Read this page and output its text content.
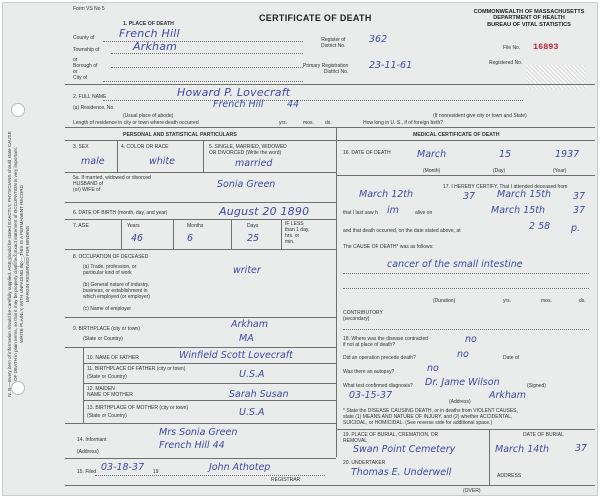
N. B.—Every item of information should be carefully supplied. AGE should be stated EXACTLY. PHYSICIANS should state CAUSE OF DEATH in plain terms, so that it may be properly classified. Exact statement of OCCUPATION is very important. WRITE PLAINLY, WITH UNFADING INK—THIS IS A PERMANENT RECORD MARGIN RESERVED FOR BINDING
Form VS No 5
CERTIFICATE OF DEATH
COMMONWEALTH OF MASSACHUSETTS
DEPARTMENT OF HEALTH
BUREAU OF VITAL STATISTICS
File No. 16893
Registered No.
1. PLACE OF DEATH
County of French Hill
Township of	Arkham
or
Borough of
or
City of
Register of
District No.
362
Primary Registration
District No.
23-11-61
2. FULL NAME	Howard P. Lovecraft
(a) Residence, No.	French Hill 44
(Usual place of abode)	(If nonresident give city or town and State)
Length of residence in city or town where death occurred	yrs.	mos. ds.	How long in U. S., if of foreign birth?
PERSONAL AND STATISTICAL PARTICULARS	MEDICAL CERTIFICATE OF DEATH
3. SEX
male
4. COLOR OR RACE
white
5. SINGLE, MARRIED, WIDOWED
OR DIVORCED (Write the word)
married
5a. If married, widowed or divorced
HUSBAND of
(or) WIFE of	Sonia Green
6. DATE OF BIRTH (month, day, and year)	August 20 1890
7. AGE	Years	Months	Days	IF LESS
than 1 day,
hrs. or
min.
46	6	25
8. OCCUPATION OF DECEASED
(a) Trade, profession, or
particular kind of work	writer
(b) General nature of industry,
business, or establishment in
which employed (or employer)
(c) Name of employer
9. BIRTHPLACE (city or town)	Arkham
(State or Country)	MA
10. NAME OF FATHER	Winfield Scott Lovecraft
11. BIRTHPLACE OF FATHER (city or town)
(State or Country)	U.S.A
12. MAIDEN
NAME OF MOTHER	Sarah Susan
13. BIRTHPLACE OF MOTHER (city or town)
(State or Country)	U.S.A
14. Informant
Mrs Sonia Green
(Address)
French Hill 44
15. Filed 03-18-37 19	John Athotep
REGISTRAR
16. DATE OF DEATH	March	15	1937
(Month)	(Day)	(Year)
17. I HEREBY CERTIFY, That I attended deceased from
March 12th	37 March 15th 37
that I last saw h im	alive on	March 15th	37
and that death occurred, on the date stated above, at	2 58 p.
The CAUSE OF DEATH* was as follows:
cancer of the small intestine
(Duration)	yrs.	mos.	ds.
CONTRIBUTORY
(secondary)
18. Where was the disease contracted
if not at place of death?	no
Did an operation precede death?	no	Date of
Was there an autopsy?	no
What test confirmed diagnosis? Dr. Jame Wilson	(Signed)
03-15-37
(Address)
Arkham
* State the DISEASE CAUSING DEATH, or in deaths from VIOLENT CAUSES,
state (1) MEANS AND NATURE OF INJURY, and (2) whether ACCIDENTAL,
SUICIDAL, or HOMICIDAL. (See reverse side for additional space.)
19. PLACE OF BURIAL, CREMATION, OR
REMOVAL
Swan Point Cemetery
DATE OF BURIAL
March 14th	37
20. UNDERTAKER
Thomas E. Underwell	ADDRESS
(OVER)
